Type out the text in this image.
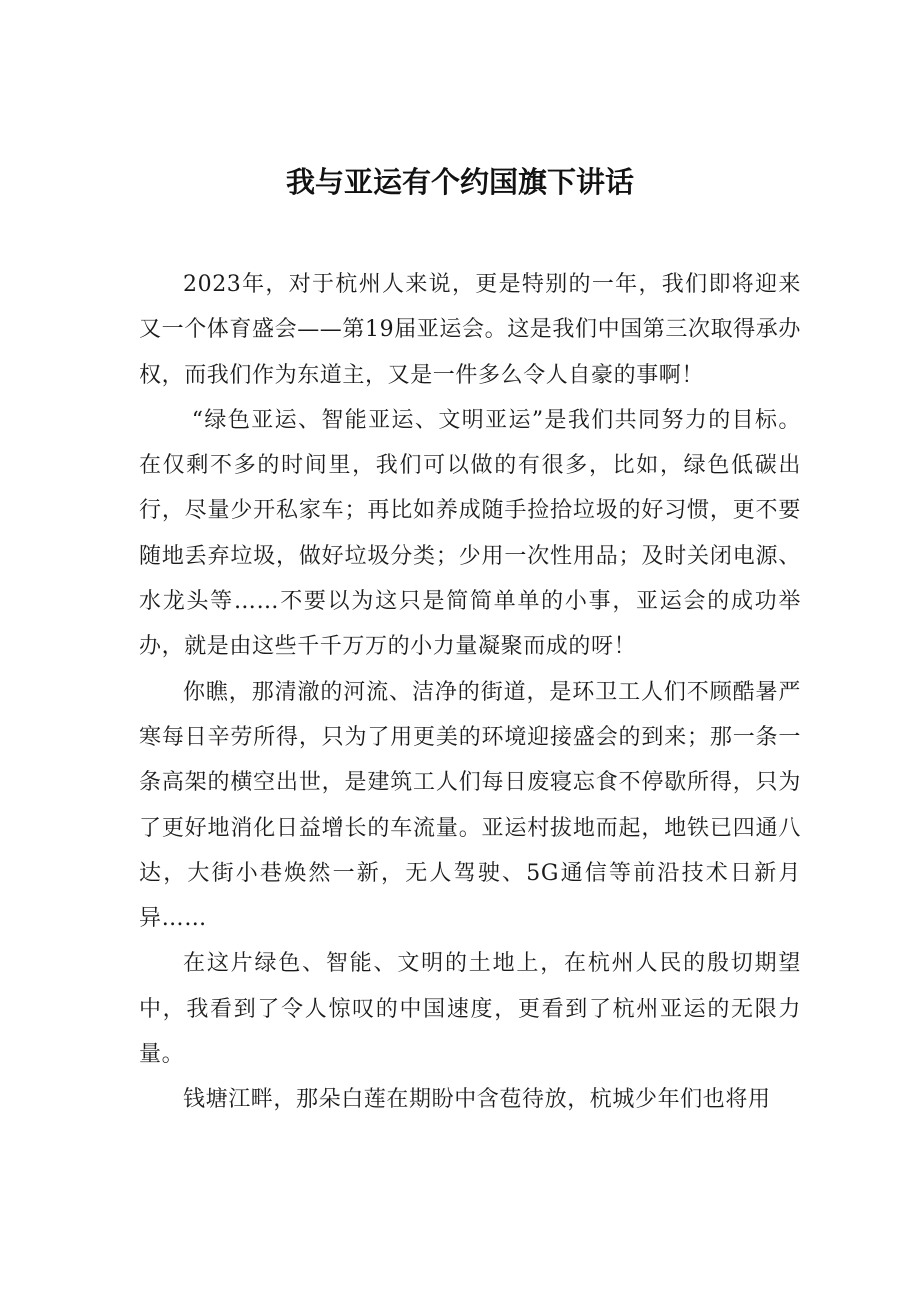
我与亚运有个约国旗下讲话

2023年，对于杭州人来说，更是特别的一年，我们即将迎来又一个体育盛会——第19届亚运会。这是我们中国第三次取得承办权，而我们作为东道主，又是一件多么令人自豪的事啊！

“绿色亚运、智能亚运、文明亚运”是我们共同努力的目标。在仅剩不多的时间里，我们可以做的有很多，比如，绿色低碳出行，尽量少开私家车；再比如养成随手捡拾垃圾的好习惯，更不要随地丢弃垃圾，做好垃圾分类；少用一次性用品；及时关闭电源、水龙头等……不要以为这只是简简单单的小事，亚运会的成功举办，就是由这些千千万万的小力量凝聚而成的呀！

你瞧，那清澈的河流、洁净的街道，是环卫工人们不顾酷暑严寒每日辛劳所得，只为了用更美的环境迎接盛会的到来；那一条一条高架的横空出世，是建筑工人们每日废寝忘食不停歇所得，只为了更好地消化日益增长的车流量。亚运村拔地而起，地铁已四通八达，大街小巷焕然一新，无人驾驶、5G通信等前沿技术日新月异……

在这片绿色、智能、文明的土地上，在杭州人民的殷切期望中，我看到了令人惊叹的中国速度，更看到了杭州亚运的无限力量。

钱塘江畔，那朵白莲在期盼中含苞待放，杭城少年们也将用
